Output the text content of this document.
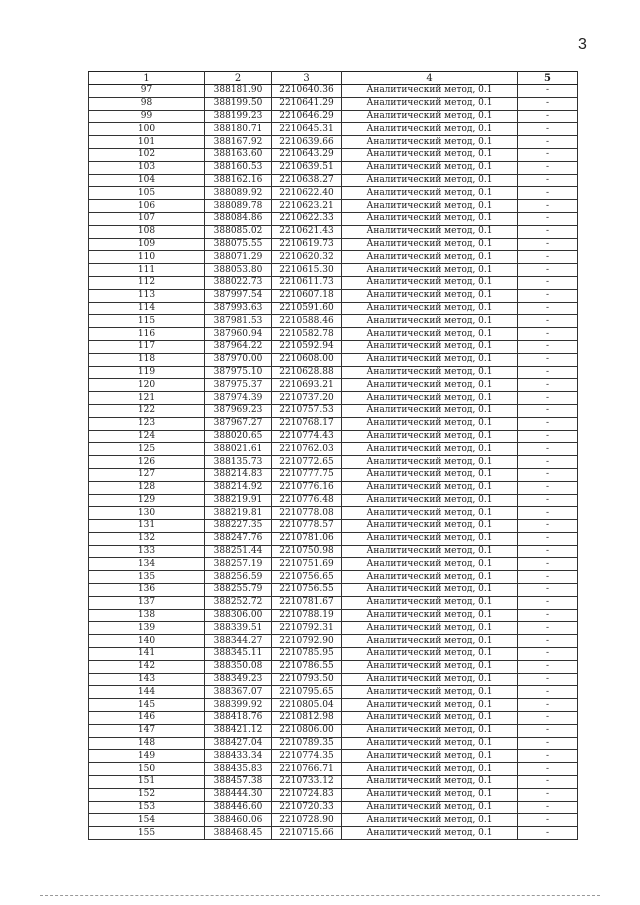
3
1	2	3	4	5
97	388181.90	2210640.36	Аналитический метод, 0.1	-
98	388199.50	2210641.29	Аналитический метод, 0.1	-
99	388199.23	2210646.29	Аналитический метод, 0.1	-
100	388180.71	2210645.31	Аналитический метод, 0.1	-
101	388167.92	2210639.66	Аналитический метод, 0.1	-
102	388163.60	2210643.29	Аналитический метод, 0.1	-
103	388160.53	2210639.51	Аналитический метод, 0.1	-
104	388162.16	2210638.27	Аналитический метод, 0.1	-
105	388089.92	2210622.40	Аналитический метод, 0.1	-
106	388089.78	2210623.21	Аналитический метод, 0.1	-
107	388084.86	2210622.33	Аналитический метод, 0.1	-
108	388085.02	2210621.43	Аналитический метод, 0.1	-
109	388075.55	2210619.73	Аналитический метод, 0.1	-
110	388071.29	2210620.32	Аналитический метод, 0.1	-
111	388053.80	2210615.30	Аналитический метод, 0.1	-
112	388022.73	2210611.73	Аналитический метод, 0.1	-
113	387997.54	2210607.18	Аналитический метод, 0.1	-
114	387993.63	2210591.60	Аналитический метод, 0.1	-
115	387981.53	2210588.46	Аналитический метод, 0.1	-
116	387960.94	2210582.78	Аналитический метод, 0.1	-
117	387964.22	2210592.94	Аналитический метод, 0.1	-
118	387970.00	2210608.00	Аналитический метод, 0.1	-
119	387975.10	2210628.88	Аналитический метод, 0.1	-
120	387975.37	2210693.21	Аналитический метод, 0.1	-
121	387974.39	2210737.20	Аналитический метод, 0.1	-
122	387969.23	2210757.53	Аналитический метод, 0.1	-
123	387967.27	2210768.17	Аналитический метод, 0.1	-
124	388020.65	2210774.43	Аналитический метод, 0.1	-
125	388021.61	2210762.03	Аналитический метод, 0.1	-
126	388135.73	2210772.65	Аналитический метод, 0.1	-
127	388214.83	2210777.75	Аналитический метод, 0.1	-
128	388214.92	2210776.16	Аналитический метод, 0.1	-
129	388219.91	2210776.48	Аналитический метод, 0.1	-
130	388219.81	2210778.08	Аналитический метод, 0.1	-
131	388227.35	2210778.57	Аналитический метод, 0.1	-
132	388247.76	2210781.06	Аналитический метод, 0.1	-
133	388251.44	2210750.98	Аналитический метод, 0.1	-
134	388257.19	2210751.69	Аналитический метод, 0.1	-
135	388256.59	2210756.65	Аналитический метод, 0.1	-
136	388255.79	2210756.55	Аналитический метод, 0.1	-
137	388252.72	2210781.67	Аналитический метод, 0.1	-
138	388306.00	2210788.19	Аналитический метод, 0.1	-
139	388339.51	2210792.31	Аналитический метод, 0.1	-
140	388344.27	2210792.90	Аналитический метод, 0.1	-
141	388345.11	2210785.95	Аналитический метод, 0.1	-
142	388350.08	2210786.55	Аналитический метод, 0.1	-
143	388349.23	2210793.50	Аналитический метод, 0.1	-
144	388367.07	2210795.65	Аналитический метод, 0.1	-
145	388399.92	2210805.04	Аналитический метод, 0.1	-
146	388418.76	2210812.98	Аналитический метод, 0.1	-
147	388421.12	2210806.00	Аналитический метод, 0.1	-
148	388427.04	2210789.35	Аналитический метод, 0.1	-
149	388433.34	2210774.35	Аналитический метод, 0.1	-
150	388435.83	2210766.71	Аналитический метод, 0.1	-
151	388457.38	2210733.12	Аналитический метод, 0.1	-
152	388444.30	2210724.83	Аналитический метод, 0.1	-
153	388446.60	2210720.33	Аналитический метод, 0.1	-
154	388460.06	2210728.90	Аналитический метод, 0.1	-
155	388468.45	2210715.66	Аналитический метод, 0.1	-
